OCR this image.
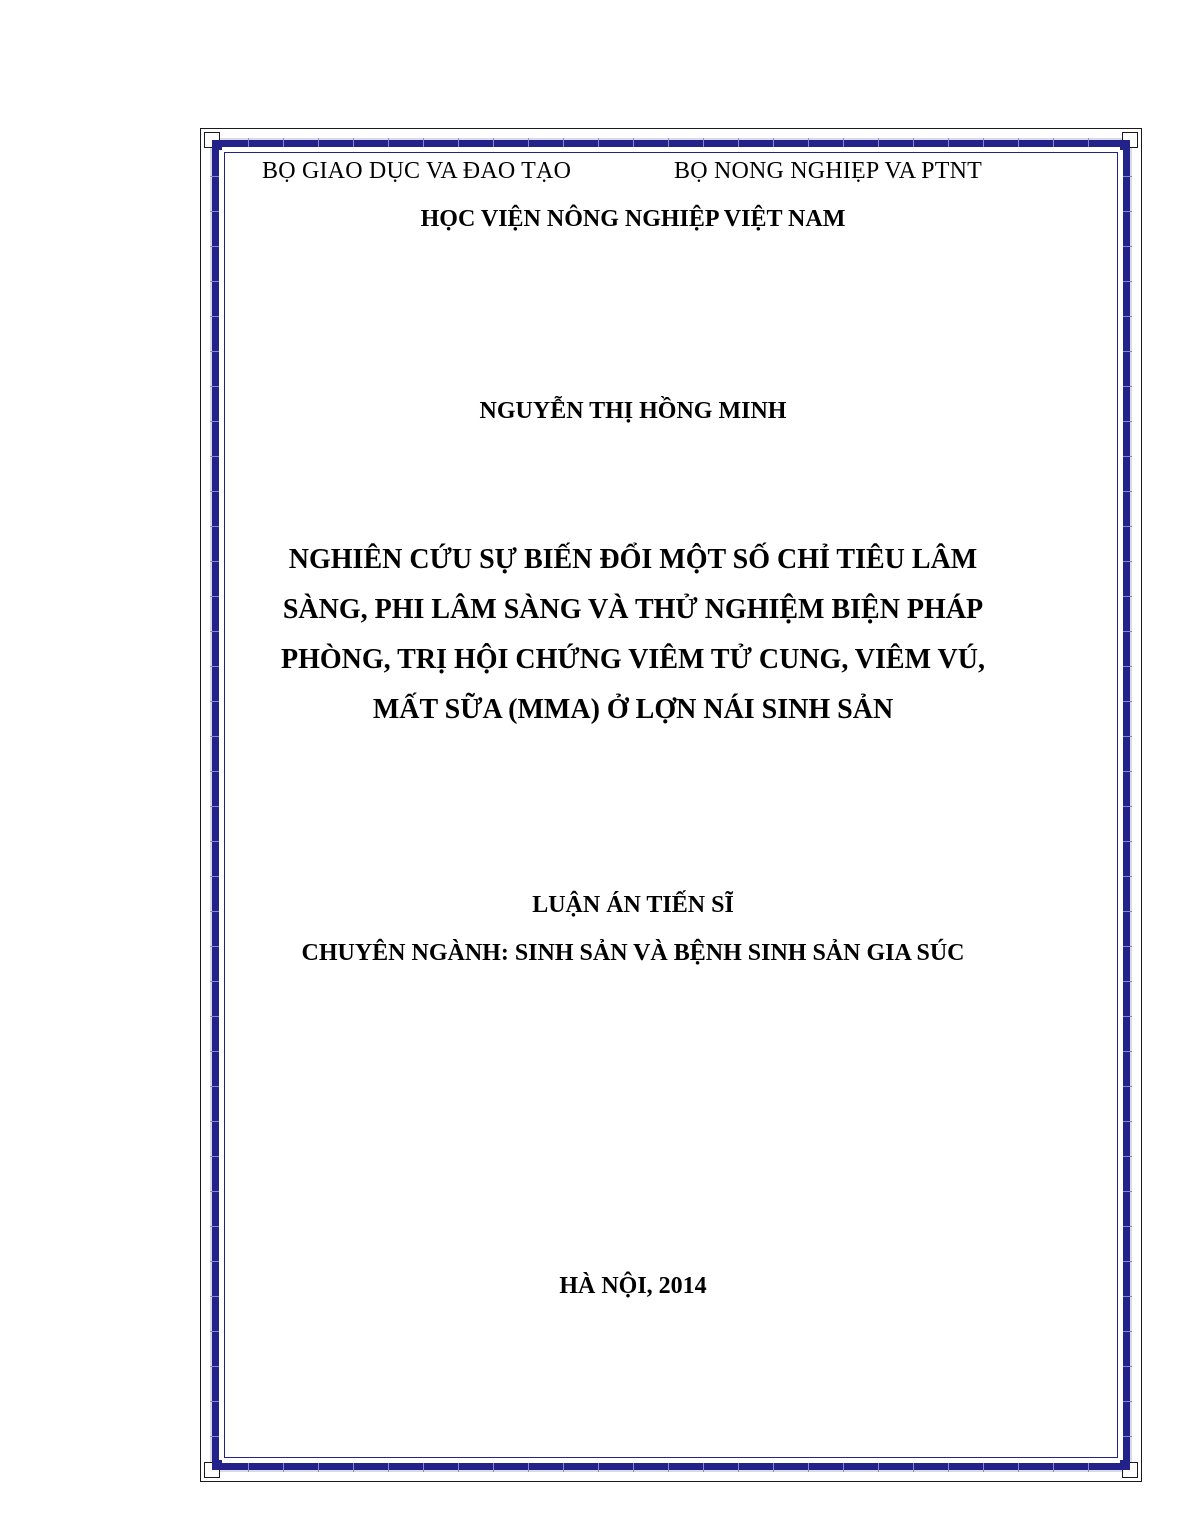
BỌ GIAO DỤC VA ĐAO TẠO	BỌ NONG NGHIẸP VA PTNT
HỌC VIỆN NÔNG NGHIỆP VIỆT NAM
NGUYỄN THỊ HỒNG MINH
NGHIÊN CỨU SỰ BIẾN ĐỔI MỘT SỐ CHỈ TIÊU LÂM
SÀNG, PHI LÂM SÀNG VÀ THỬ NGHIỆM BIỆN PHÁP
PHÒNG, TRỊ HỘI CHỨNG VIÊM TỬ CUNG, VIÊM VÚ,
MẤT SỮA (MMA) Ở LỢN NÁI SINH SẢN
LUẬN ÁN TIẾN SĨ
CHUYÊN NGÀNH: SINH SẢN VÀ BỆNH SINH SẢN GIA SÚC
HÀ NỘI, 2014
